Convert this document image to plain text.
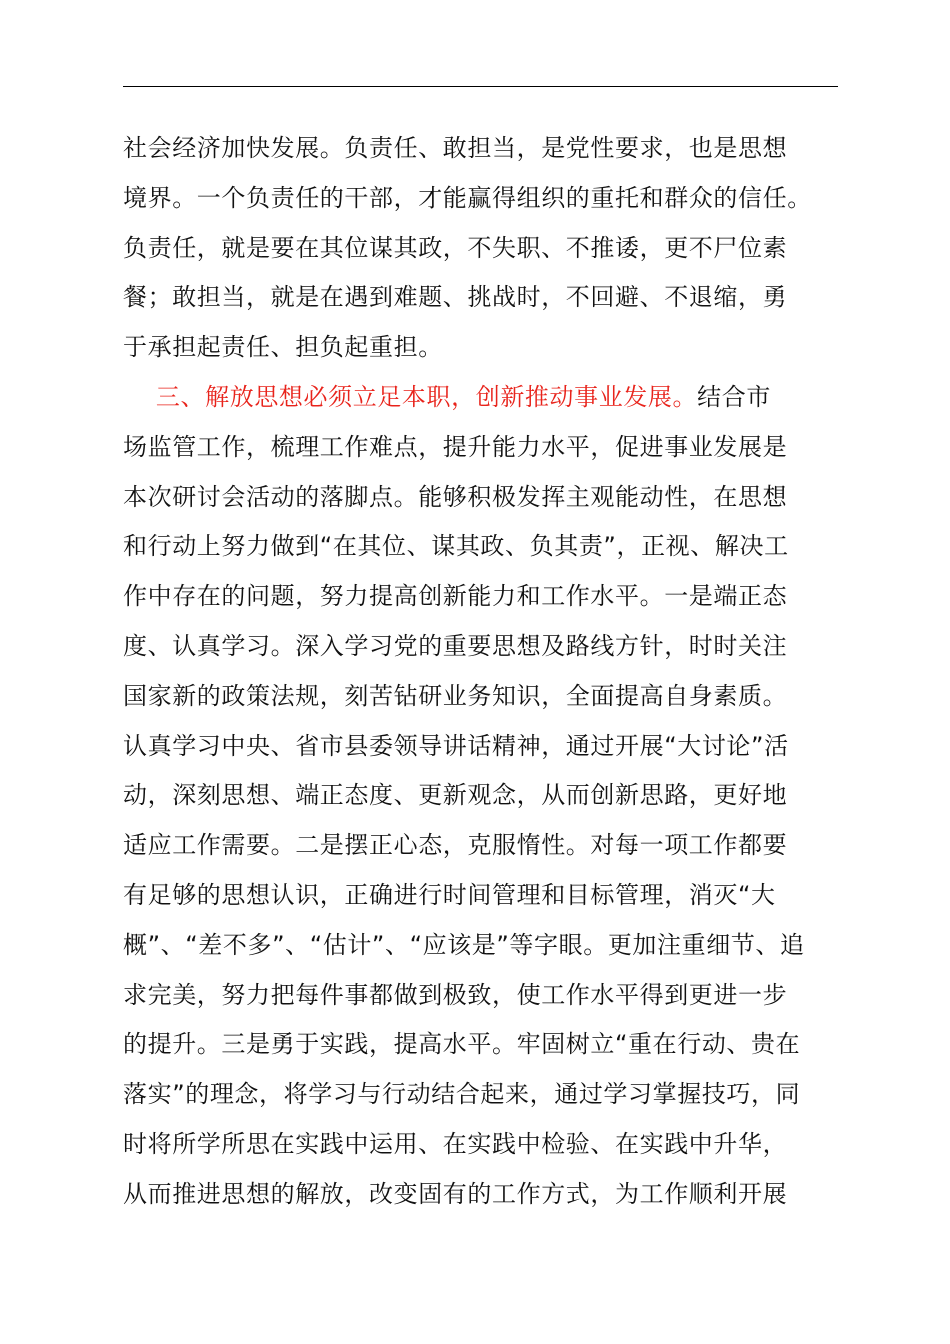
社会经济加快发展。负责任、敢担当，是党性要求，也是思想
境界。一个负责任的干部，才能赢得组织的重托和群众的信任。
负责任，就是要在其位谋其政，不失职、不推诿，更不尸位素
餐；敢担当，就是在遇到难题、挑战时，不回避、不退缩，勇
于承担起责任、担负起重担。
三、解放思想必须立足本职，创新推动事业发展。结合市
场监管工作，梳理工作难点，提升能力水平，促进事业发展是
本次研讨会活动的落脚点。能够积极发挥主观能动性，在思想
和行动上努力做到“在其位、谋其政、负其责”，正视、解决工
作中存在的问题，努力提高创新能力和工作水平。一是端正态
度、认真学习。深入学习党的重要思想及路线方针，时时关注
国家新的政策法规，刻苦钻研业务知识，全面提高自身素质。
认真学习中央、省市县委领导讲话精神，通过开展“大讨论”活
动，深刻思想、端正态度、更新观念，从而创新思路，更好地
适应工作需要。二是摆正心态，克服惰性。对每一项工作都要
有足够的思想认识，正确进行时间管理和目标管理，消灭“大
概”、“差不多”、“估计”、“应该是”等字眼。更加注重细节、追
求完美，努力把每件事都做到极致，使工作水平得到更进一步
的提升。三是勇于实践，提高水平。牢固树立“重在行动、贵在
落实”的理念，将学习与行动结合起来，通过学习掌握技巧，同
时将所学所思在实践中运用、在实践中检验、在实践中升华，
从而推进思想的解放，改变固有的工作方式，为工作顺利开展
